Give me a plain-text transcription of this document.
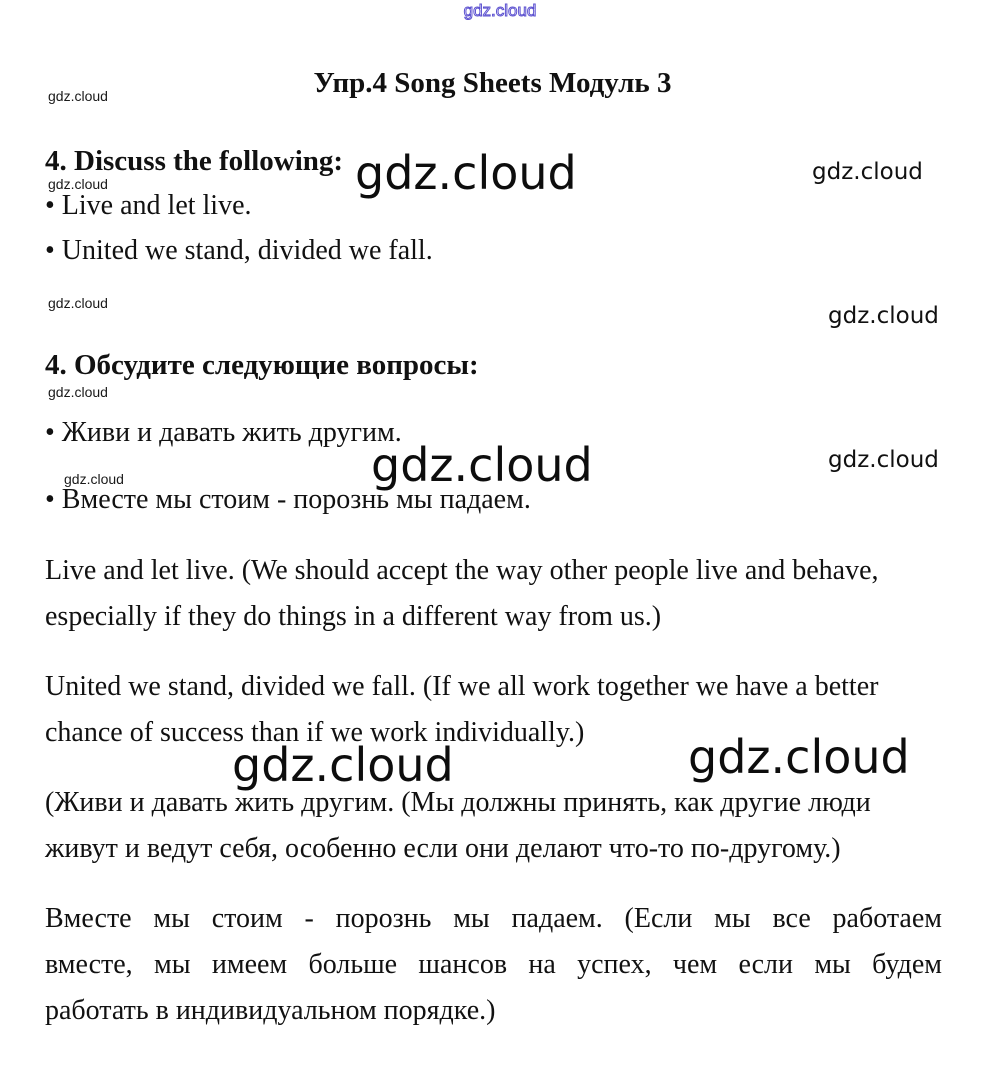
gdz.cloud
Упр.4 Song Sheets Модуль 3
4. Discuss the following:
• Live and let live.
• United we stand, divided we fall.
4. Обсудите следующие вопросы:
• Живи и давать жить другим.
• Вместе мы стоим - порознь мы падаем.
Live and let live. (We should accept the way other people live and behave,
especially if they do things in a different way from us.)
United we stand, divided we fall. (If we all work together we have a better
chance of success than if we work individually.)
(Живи и давать жить другим. (Мы должны принять, как другие люди
живут и ведут себя, особенно если они делают что-то по-другому.)
Вместе мы стоим - порознь мы падаем. (Если мы все работаем
вместе, мы имеем больше шансов на успех, чем если мы будем
работать в индивидуальном порядке.)
gdz.cloud
gdz.cloud
gdz.cloud
gdz.cloud
gdz.cloud
gdz.cloud
gdz.cloud
gdz.cloud
gdz.cloud
gdz.cloud
gdz.cloud	gdz.cloud
